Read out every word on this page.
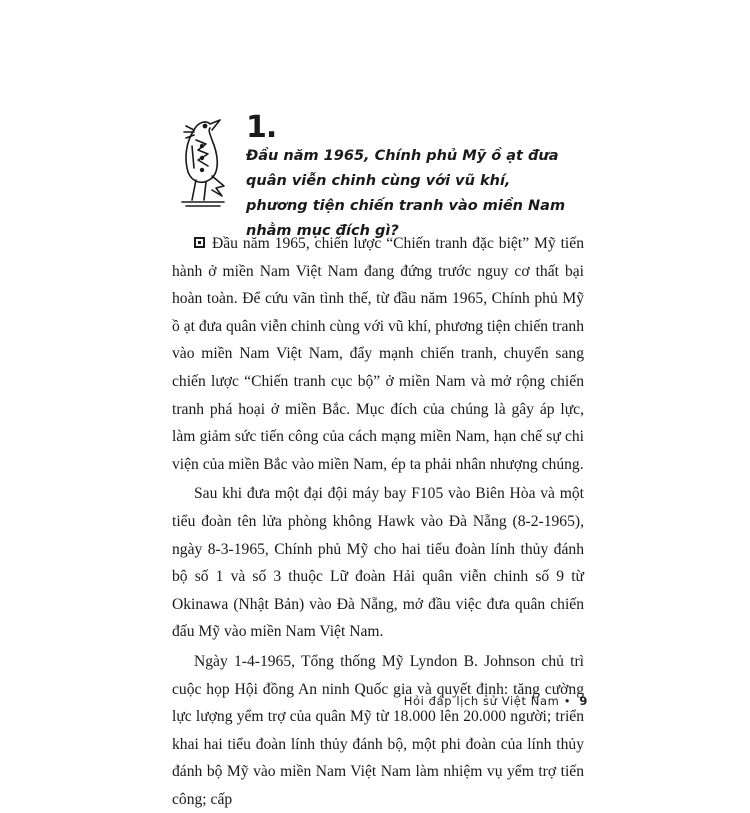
1.
Đầu năm 1965, Chính phủ Mỹ ồ ạt đưa quân viễn chinh cùng với vũ khí, phương tiện chiến tranh vào miền Nam nhằm mục đích gì?

Đầu năm 1965, chiến lược “Chiến tranh đặc biệt” Mỹ tiến hành ở miền Nam Việt Nam đang đứng trước nguy cơ thất bại hoàn toàn. Để cứu vãn tình thế, từ đầu năm 1965, Chính phủ Mỹ ồ ạt đưa quân viễn chinh cùng với vũ khí, phương tiện chiến tranh vào miền Nam Việt Nam, đẩy mạnh chiến tranh, chuyển sang chiến lược “Chiến tranh cục bộ” ở miền Nam và mở rộng chiến tranh phá hoại ở miền Bắc. Mục đích của chúng là gây áp lực, làm giảm sức tiến công của cách mạng miền Nam, hạn chế sự chi viện của miền Bắc vào miền Nam, ép ta phải nhân nhượng chúng.

Sau khi đưa một đại đội máy bay F105 vào Biên Hòa và một tiểu đoàn tên lửa phòng không Hawk vào Đà Nẵng (8-2-1965), ngày 8-3-1965, Chính phủ Mỹ cho hai tiểu đoàn lính thủy đánh bộ số 1 và số 3 thuộc Lữ đoàn Hải quân viễn chinh số 9 từ Okinawa (Nhật Bản) vào Đà Nẵng, mở đầu việc đưa quân chiến đấu Mỹ vào miền Nam Việt Nam.

Ngày 1-4-1965, Tổng thống Mỹ Lyndon B. Johnson chủ trì cuộc họp Hội đồng An ninh Quốc gia và quyết định: tăng cường lực lượng yểm trợ của quân Mỹ từ 18.000 lên 20.000 người; triển khai hai tiểu đoàn lính thủy đánh bộ, một phi đoàn của lính thủy đánh bộ Mỹ vào miền Nam Việt Nam làm nhiệm vụ yểm trợ tiến công; cấp

Hỏi đáp lịch sử Việt Nam • 9
